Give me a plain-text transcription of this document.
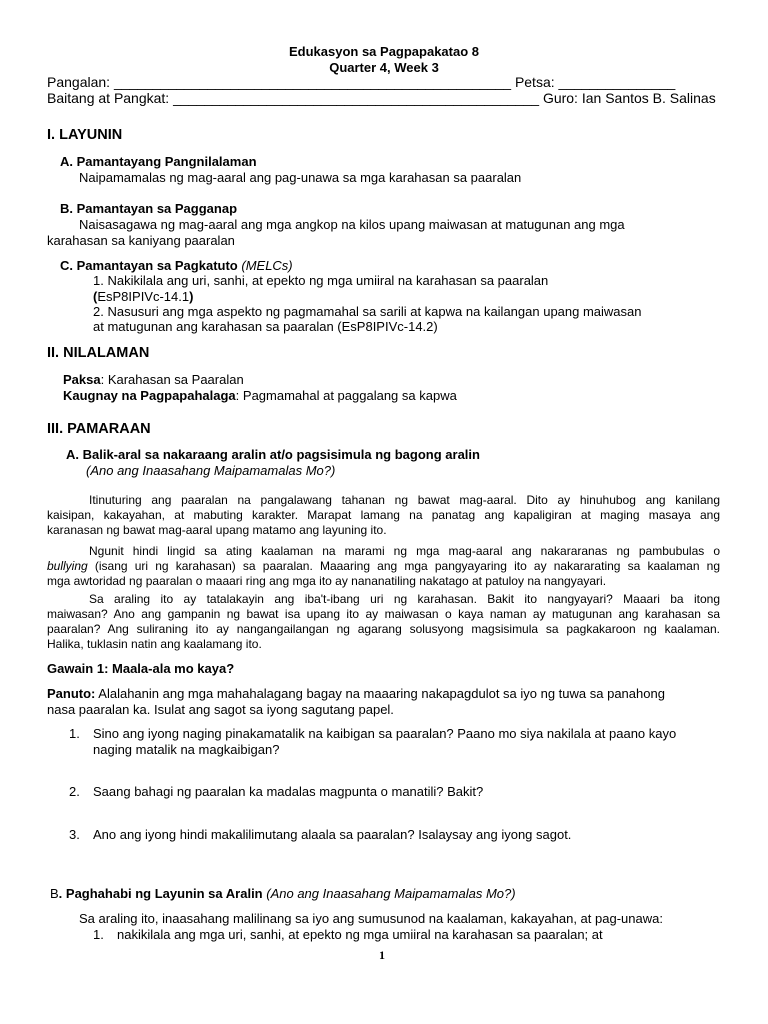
Edukasyon sa Pagpapakatao 8
Quarter 4, Week 3
Pangalan: ___________________________________________________ Petsa: _______________
Baitang at Pangkat: _______________________________________________ Guro: Ian Santos B. Salinas
I. LAYUNIN
A. Pamantayang Pangnilalaman
Naipamamalas ng mag-aaral ang pag-unawa sa mga karahasan sa paaralan
B. Pamantayan sa Pagganap
Naisasagawa ng mag-aaral ang mga angkop na kilos upang maiwasan at matugunan ang mga
karahasan sa kaniyang paaralan
C. Pamantayan sa Pagkatuto (MELCs)
1. Nakikilala ang uri, sanhi, at epekto ng mga umiiral na karahasan sa paaralan
(EsP8IPIVc-14.1)
2. Nasusuri ang mga aspekto ng pagmamahal sa sarili at kapwa na kailangan upang maiwasan
at matugunan ang karahasan sa paaralan (EsP8IPIVc-14.2)
II. NILALAMAN
Paksa: Karahasan sa Paaralan
Kaugnay na Pagpapahalaga: Pagmamahal at paggalang sa kapwa
III. PAMARAAN
A. Balik-aral sa nakaraang aralin at/o pagsisimula ng bagong aralin
(Ano ang Inaasahang Maipamamalas Mo?)
Itinuturing ang paaralan na pangalawang tahanan ng bawat mag-aaral. Dito ay hinuhubog ang kanilang
kaisipan, kakayahan, at mabuting karakter. Marapat lamang na panatag ang kapaligiran at maging masaya ang
karanasan ng bawat mag-aaral upang matamo ang layuning ito.
Ngunit hindi lingid sa ating kaalaman na marami ng mga mag-aaral ang nakararanas ng pambubulas o
bullying (isang uri ng karahasan) sa paaralan. Maaaring ang mga pangyayaring ito ay nakararating sa kaalaman ng
mga awtoridad ng paaralan o maaari ring ang mga ito ay nananatiling nakatago at patuloy na nangyayari.
Sa araling ito ay tatalakayin ang iba't-ibang uri ng karahasan. Bakit ito nangyayari? Maaari ba itong
maiwasan? Ano ang gampanin ng bawat isa upang ito ay maiwasan o kaya naman ay matugunan ang karahasan sa
paaralan? Ang suliraning ito ay nangangailangan ng agarang solusyong magsisimula sa pagkakaroon ng kaalaman.
Halika, tuklasin natin ang kaalamang ito.
Gawain 1: Maala-ala mo kaya?
Panuto: Alalahanin ang mga mahahalagang bagay na maaaring nakapagdulot sa iyo ng tuwa sa panahong
nasa paaralan ka. Isulat ang sagot sa iyong sagutang papel.
1. Sino ang iyong naging pinakamatalik na kaibigan sa paaralan? Paano mo siya nakilala at paano kayo
naging matalik na magkaibigan?
2. Saang bahagi ng paaralan ka madalas magpunta o manatili? Bakit?
3. Ano ang iyong hindi makalilimutang alaala sa paaralan? Isalaysay ang iyong sagot.
B. Paghahabi ng Layunin sa Aralin (Ano ang Inaasahang Maipamamalas Mo?)
Sa araling ito, inaasahang malilinang sa iyo ang sumusunod na kaalaman, kakayahan, at pag-unawa:
1. nakikilala ang mga uri, sanhi, at epekto ng mga umiiral na karahasan sa paaralan; at
1
